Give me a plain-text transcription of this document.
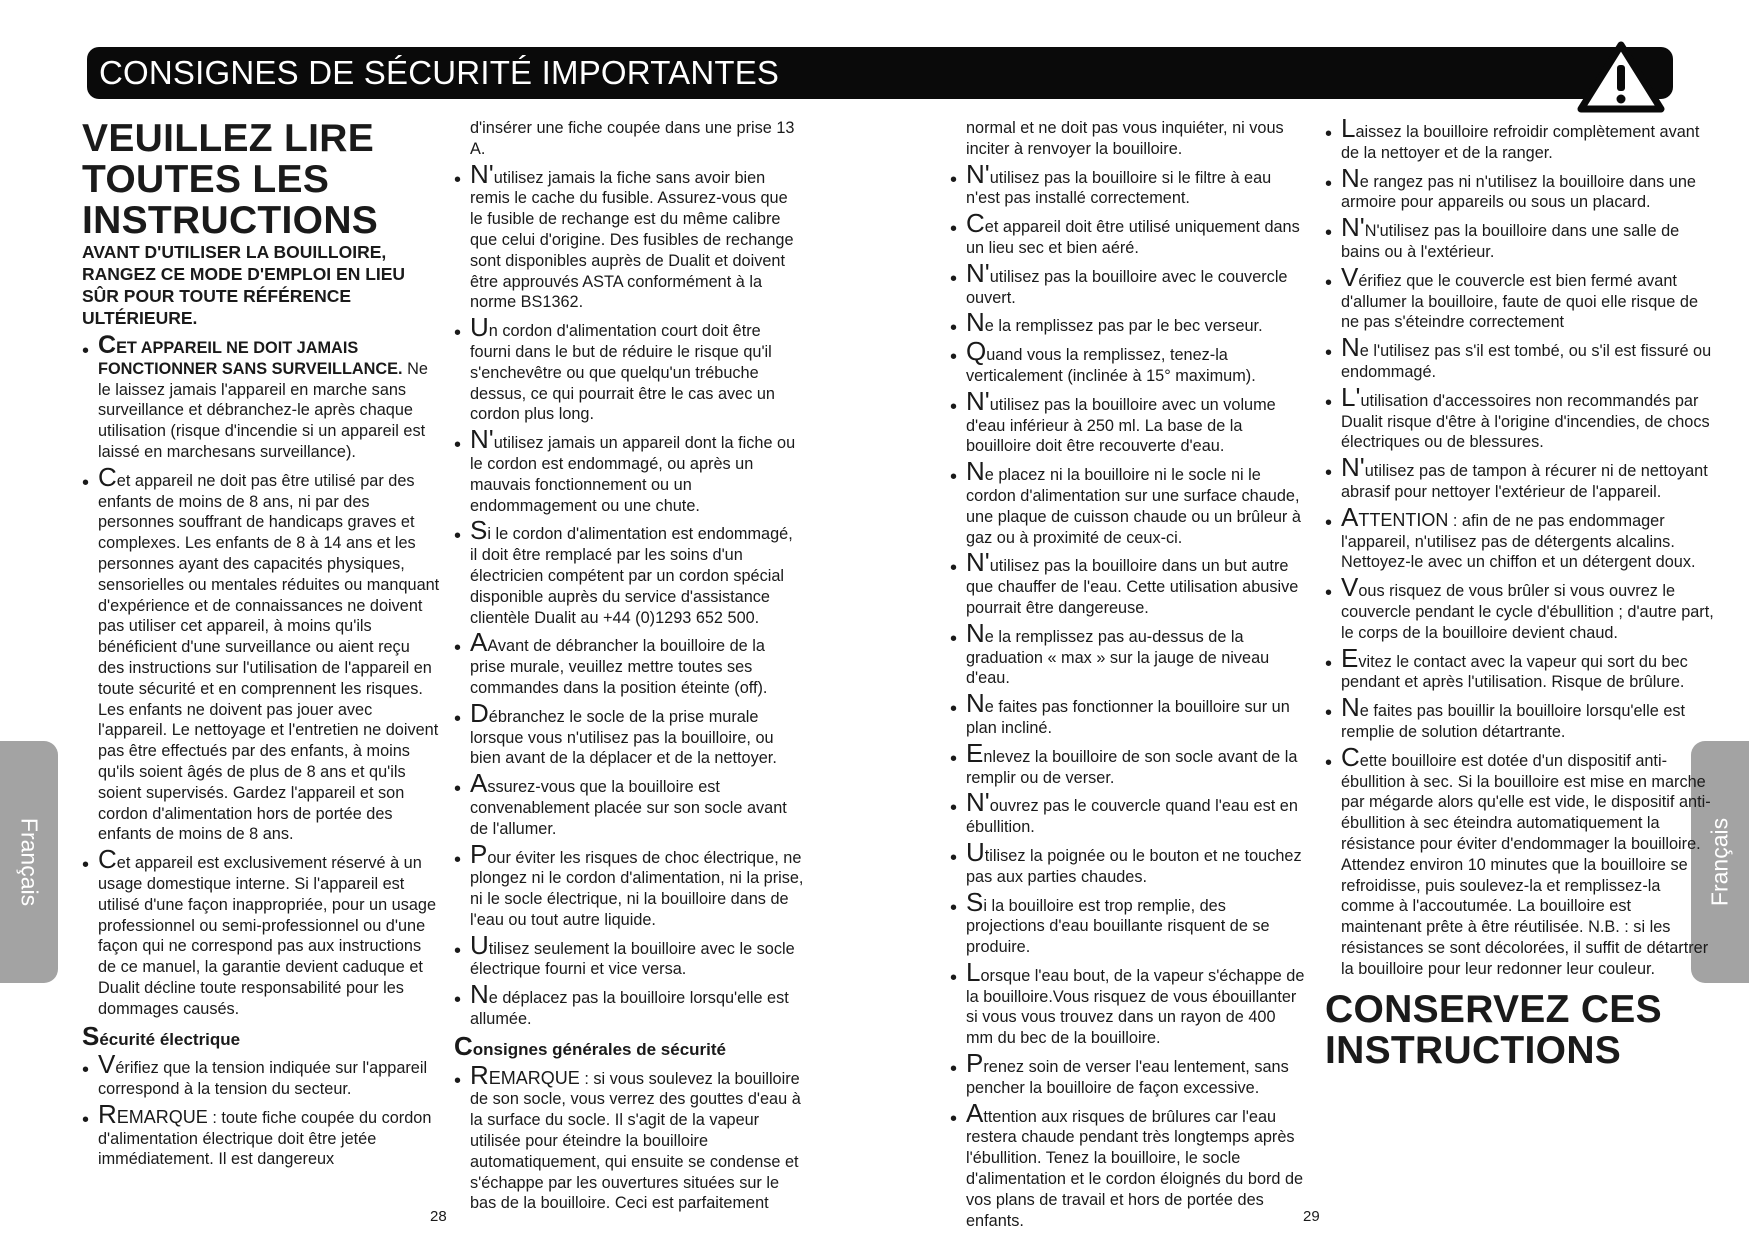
CONSIGNES DE SÉCURITÉ IMPORTANTES
Français	Français
VEUILLEZ LIRE
TOUTES LES
INSTRUCTIONS
AVANT D'UTILISER LA BOUILLOIRE, RANGEZ CE MODE D'EMPLOI EN LIEU SÛR POUR TOUTE RÉFÉRENCE ULTÉRIEURE.
• CET APPAREIL NE DOIT JAMAIS FONCTIONNER SANS SURVEILLANCE. Ne le laissez jamais l'appareil en marche sans surveillance et débranchez-le après chaque utilisation (risque d'incendie si un appareil est laissé en marchesans surveillance).
• Cet appareil ne doit pas être utilisé par des enfants de moins de 8 ans, ni par des personnes souffrant de handicaps graves et complexes. Les enfants de 8 à 14 ans et les personnes ayant des capacités physiques, sensorielles ou mentales réduites ou manquant d'expérience et de connaissances ne doivent pas utiliser cet appareil, à moins qu'ils bénéficient d'une surveillance ou aient reçu des instructions sur l'utilisation de l'appareil en toute sécurité et en comprennent les risques. Les enfants ne doivent pas jouer avec l'appareil. Le nettoyage et l'entretien ne doivent pas être effectués par des enfants, à moins qu'ils soient âgés de plus de 8 ans et qu'ils soient supervisés. Gardez l'appareil et son cordon d'alimentation hors de portée des enfants de moins de 8 ans.
• Cet appareil est exclusivement réservé à un usage domestique interne. Si l'appareil est utilisé d'une façon inappropriée, pour un usage professionnel ou semi-professionnel ou d'une façon qui ne correspond pas aux instructions de ce manuel, la garantie devient caduque et Dualit décline toute responsabilité pour les dommages causés.
Sécurité électrique
• Vérifiez que la tension indiquée sur l'appareil correspond à la tension du secteur.
• REMARQUE : toute fiche coupée du cordon d'alimentation électrique doit être jetée immédiatement. Il est dangereux
d'insérer une fiche coupée dans une prise 13 A.
• N'utilisez jamais la fiche sans avoir bien remis le cache du fusible. Assurez-vous que le fusible de rechange est du même calibre que celui d'origine. Des fusibles de rechange sont disponibles auprès de Dualit et doivent être approuvés ASTA conformément à la norme BS1362.
• Un cordon d'alimentation court doit être fourni dans le but de réduire le risque qu'il s'enchevêtre ou que quelqu'un trébuche dessus, ce qui pourrait être le cas avec un cordon plus long.
• N'utilisez jamais un appareil dont la fiche ou le cordon est endommagé, ou après un mauvais fonctionnement ou un endommagement ou une chute.
• Si le cordon d'alimentation est endommagé, il doit être remplacé par les soins d'un électricien compétent par un cordon spécial disponible auprès du service d'assistance clientèle Dualit au +44 (0)1293 652 500.
• AAvant de débrancher la bouilloire de la prise murale, veuillez mettre toutes ses commandes dans la position éteinte (off).
• Débranchez le socle de la prise murale lorsque vous n'utilisez pas la bouilloire, ou bien avant de la déplacer et de la nettoyer.
• Assurez-vous que la bouilloire est convenablement placée sur son socle avant de l'allumer.
• Pour éviter les risques de choc électrique, ne plongez ni le cordon d'alimentation, ni la prise, ni le socle électrique, ni la bouilloire dans de l'eau ou tout autre liquide.
• Utilisez seulement la bouilloire avec le socle électrique fourni et vice versa.
• Ne déplacez pas la bouilloire lorsqu'elle est allumée.
Consignes générales de sécurité
• REMARQUE : si vous soulevez la bouilloire de son socle, vous verrez des gouttes d'eau à la surface du socle. Il s'agit de la vapeur utilisée pour éteindre la bouilloire automatiquement, qui ensuite se condense et s'échappe par les ouvertures situées sur le bas de la bouilloire. Ceci est parfaitement
normal et ne doit pas vous inquiéter, ni vous inciter à renvoyer la bouilloire.
• N'utilisez pas la bouilloire si le filtre à eau n'est pas installé correctement.
• Cet appareil doit être utilisé uniquement dans un lieu sec et bien aéré.
• N'utilisez pas la bouilloire avec le couvercle ouvert.
• Ne la remplissez pas par le bec verseur.
• Quand vous la remplissez, tenez-la verticalement (inclinée à 15° maximum).
• N'utilisez pas la bouilloire avec un volume d'eau inférieur à 250 ml. La base de la bouilloire doit être recouverte d'eau.
• Ne placez ni la bouilloire ni le socle ni le cordon d'alimentation sur une surface chaude, une plaque de cuisson chaude ou un brûleur à gaz ou à proximité de ceux-ci.
• N'utilisez pas la bouilloire dans un but autre que chauffer de l'eau. Cette utilisation abusive pourrait être dangereuse.
• Ne la remplissez pas au-dessus de la graduation « max » sur la jauge de niveau d'eau.
• Ne faites pas fonctionner la bouilloire sur un plan incliné.
• Enlevez la bouilloire de son socle avant de la remplir ou de verser.
• N'ouvrez pas le couvercle quand l'eau est en ébullition.
• Utilisez la poignée ou le bouton et ne touchez pas aux parties chaudes.
• Si la bouilloire est trop remplie, des projections d'eau bouillante risquent de se produire.
• Lorsque l'eau bout, de la vapeur s'échappe de la bouilloire.Vous risquez de vous ébouillanter si vous vous trouvez dans un rayon de 400 mm du bec de la bouilloire.
• Prenez soin de verser l'eau lentement, sans pencher la bouilloire de façon excessive.
• Attention aux risques de brûlures car l'eau restera chaude pendant très longtemps après l'ébullition. Tenez la bouilloire, le socle d'alimentation et le cordon éloignés du bord de vos plans de travail et hors de portée des enfants.
• Laissez la bouilloire refroidir complètement avant de la nettoyer et de la ranger.
• Ne rangez pas ni n'utilisez la bouilloire dans une armoire pour appareils ou sous un placard.
• N'N'utilisez pas la bouilloire dans une salle de bains ou à l'extérieur.
• Vérifiez que le couvercle est bien fermé avant d'allumer la bouilloire, faute de quoi elle risque de ne pas s'éteindre correctement
• Ne l'utilisez pas s'il est tombé, ou s'il est fissuré ou endommagé.
• L'utilisation d'accessoires non recommandés par Dualit risque d'être à l'origine d'incendies, de chocs électriques ou de blessures.
• N'utilisez pas de tampon à récurer ni de nettoyant abrasif pour nettoyer l'extérieur de l'appareil.
• ATTENTION : afin de ne pas endommager l'appareil, n'utilisez pas de détergents alcalins. Nettoyez-le avec un chiffon et un détergent doux.
• Vous risquez de vous brûler si vous ouvrez le couvercle pendant le cycle d'ébullition ; d'autre part, le corps de la bouilloire devient chaud.
• Evitez le contact avec la vapeur qui sort du bec pendant et après l'utilisation. Risque de brûlure.
• Ne faites pas bouillir la bouilloire lorsqu'elle est remplie de solution détartrante.
• Cette bouilloire est dotée d'un dispositif anti-ébullition à sec. Si la bouilloire est mise en marche par mégarde alors qu'elle est vide, le dispositif anti-ébullition à sec éteindra automatiquement la résistance pour éviter d'endommager la bouilloire. Attendez environ 10 minutes que la bouilloire se refroidisse, puis soulevez-la et remplissez-la comme à l'accoutumée. La bouilloire est maintenant prête à être réutilisée. N.B. : si les résistances se sont décolorées, il suffit de détartrer la bouilloire pour leur redonner leur couleur.
CONSERVEZ CES
INSTRUCTIONS
28	29
